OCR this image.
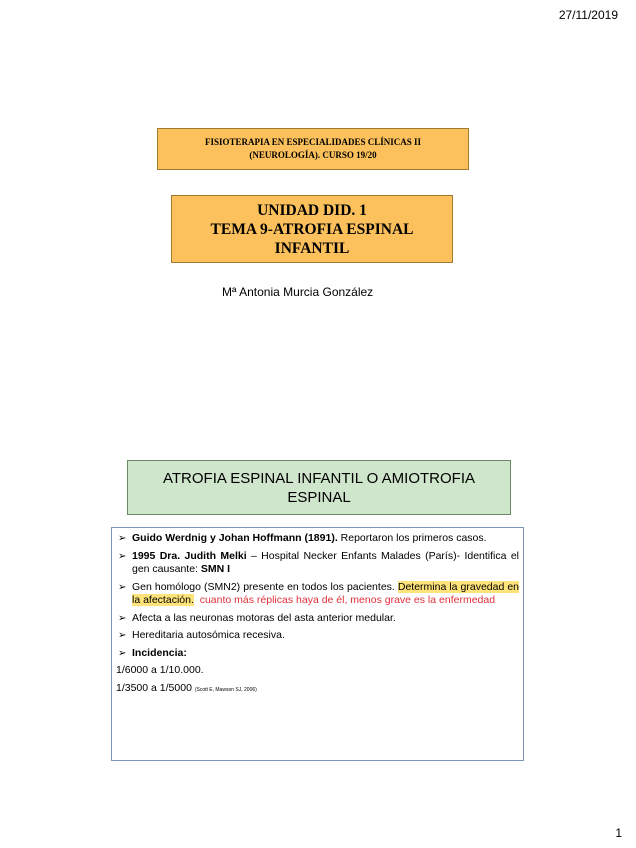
27/11/2019
FISIOTERAPIA EN ESPECIALIDADES CLÍNICAS II
(NEUROLOGÍA). CURSO 19/20
UNIDAD DID. 1
TEMA 9-ATROFIA ESPINAL
INFANTIL
Mª Antonia Murcia González
ATROFIA ESPINAL INFANTIL O AMIOTROFIA
ESPINAL
➢ Guido Werdnig y Johan Hoffmann (1891). Reportaron los primeros casos.
➢ 1995 Dra. Judith Melki – Hospital Necker Enfants Malades (París)- Identifica el gen causante: SMN I
➢ Gen homólogo (SMN2) presente en todos los pacientes. Determina la gravedad en la afectación. cuanto más réplicas haya de él, menos grave es la enfermedad
➢ Afecta a las neuronas motoras del asta anterior medular.
➢ Hereditaria autosómica recesiva.
➢ Incidencia:
1/6000 a 1/10.000.
1/3500 a 1/5000 (Scott E, Mawson SJ, 2006)
1
